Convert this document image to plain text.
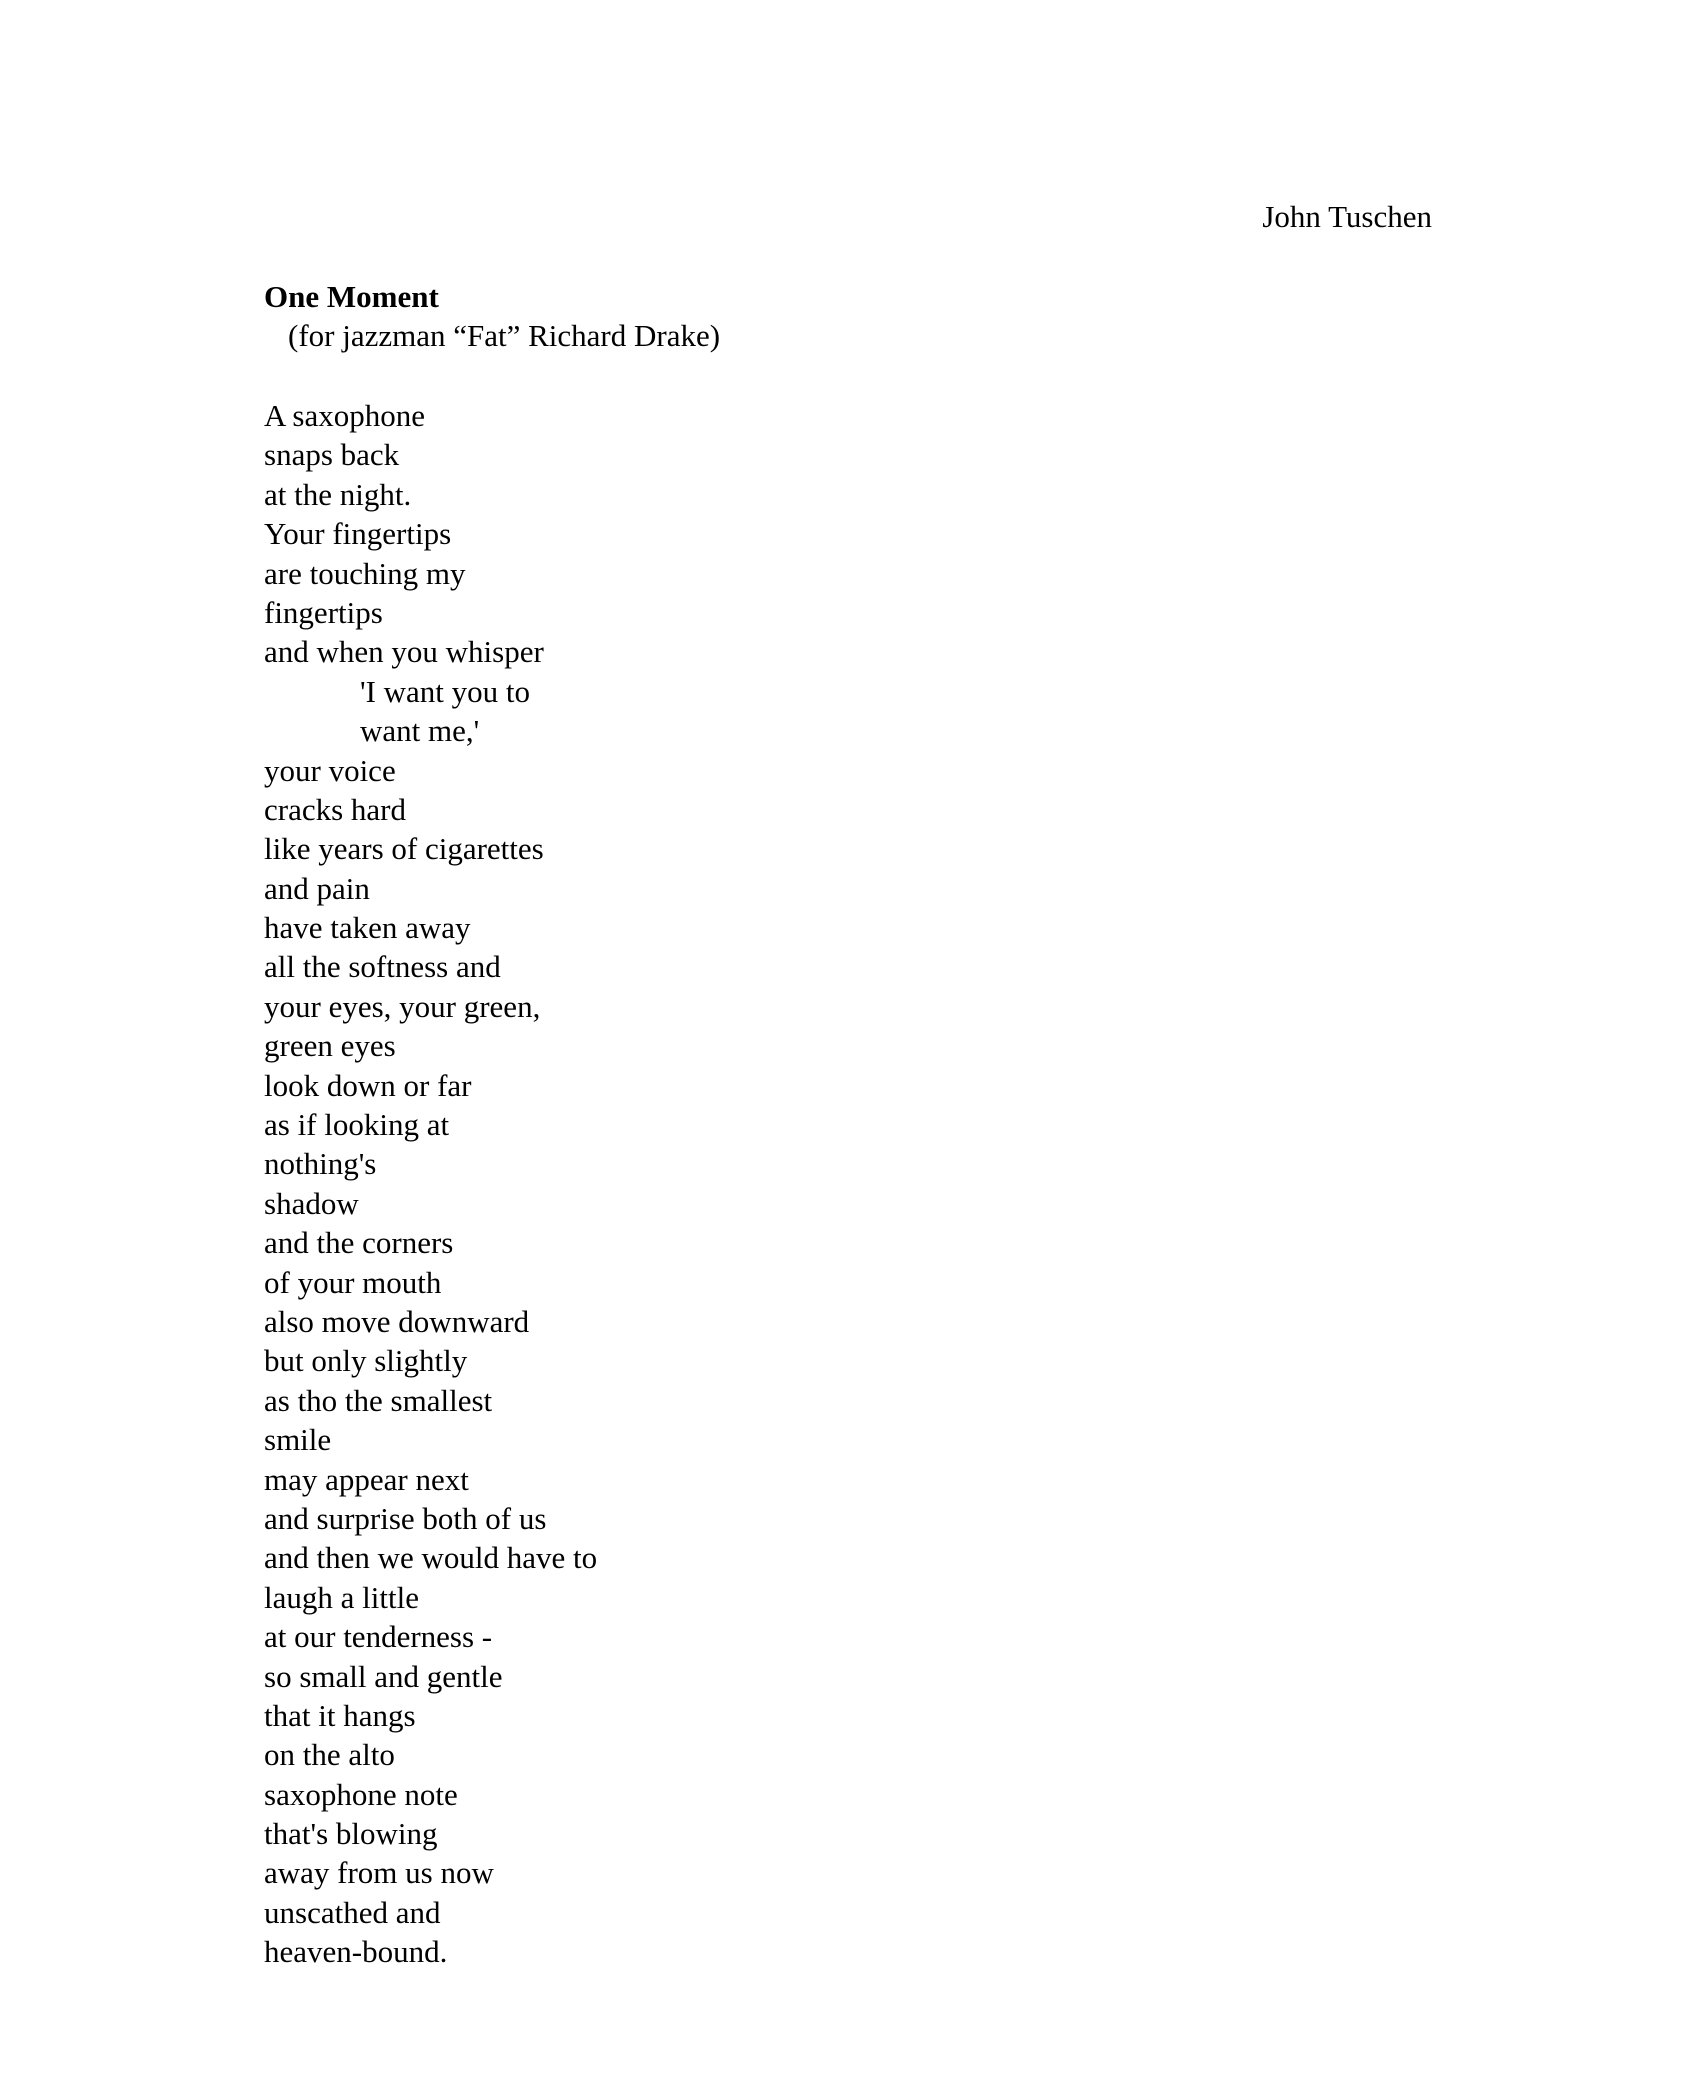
John Tuschen
One Moment
(for jazzman “Fat” Richard Drake)
A saxophone
snaps back
at the night.
Your fingertips
are touching my
fingertips
and when you whisper
'I want you to
want me,'
your voice
cracks hard
like years of cigarettes
and pain
have taken away
all the softness and
your eyes, your green,
green eyes
look down or far
as if looking at
nothing's
shadow
and the corners
of your mouth
also move downward
but only slightly
as tho the smallest
smile
may appear next
and surprise both of us
and then we would have to
laugh a little
at our tenderness -
so small and gentle
that it hangs
on the alto
saxophone note
that's blowing
away from us now
unscathed and
heaven-bound.
